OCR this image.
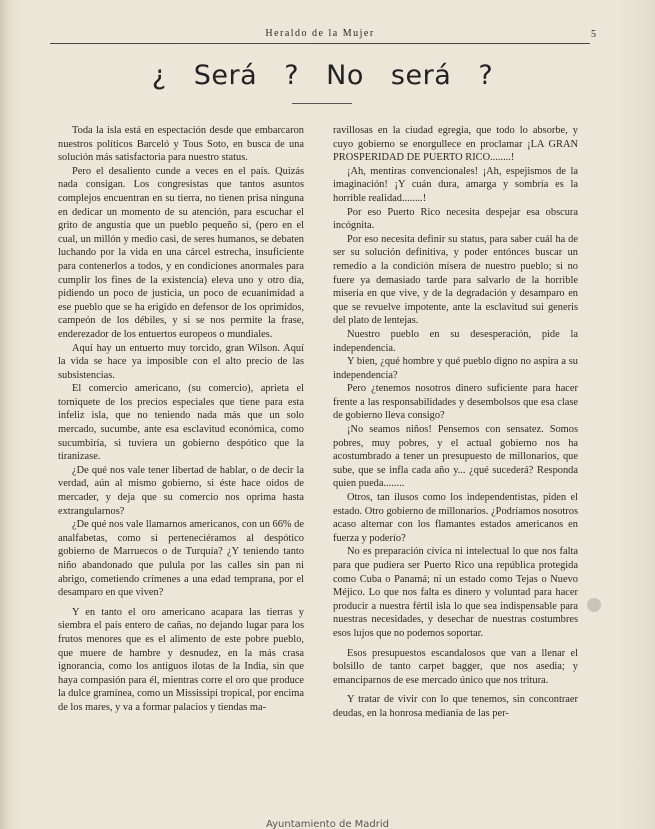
Heraldo de la Mujer	5
¿ Será ? No será ?

Toda la isla está en espectación desde que embarcaron nuestros políticos Barceló y Tous Soto, en busca de una solución más satisfactoria para nuestro status.

Pero el desaliento cunde a veces en el país. Quizás nada consigan. Los congresistas que tantos asuntos complejos encuentran en su tierra, no tienen prisa ninguna en dedicar un momento de su atención, para escuchar el grito de angustia que un pueblo pequeño sí, (pero en el cual, un millón y medio casi, de seres humanos, se debaten luchando por la vida en una cárcel estrecha, insuficiente para contenerlos a todos, y en condiciones anormales para cumplir los fines de la existencia) eleva uno y otro día, pidiendo un poco de justicia, un poco de ecuanimidad a ese pueblo que se ha erigido en defensor de los oprimidos, campeón de los débiles, y si se nos permite la frase, enderezador de los entuertos europeos o mundiales.

Aquí hay un entuerto muy torcido, gran Wilson. Aquí la vida se hace ya imposible con el alto precio de las subsistencias.

El comercio americano, (su comercio), aprieta el torniquete de los precios especiales que tiene para esta infeliz isla, que no teniendo nada más que un solo mercado, sucumbe, ante esa esclavitud económica, como sucumbiría, si tuviera un gobierno despótico que la tiranizase.

¿De qué nos vale tener libertad de hablar, o de decir la verdad, aún al mismo gobierno, si éste hace oídos de mercader, y deja que su comercio nos oprima hasta extrangularnos?

¿De qué nos vale llamarnos americanos, con un 66% de analfabetas, como si perteneciéramos al despótico gobierno de Marruecos o de Turquía? ¿Y teniendo tanto niño abandonado que pulula por las calles sin pan ni abrigo, cometiendo crímenes a una edad temprana, por el desamparo en que viven?

Y en tanto el oro americano acapara las tierras y siembra el país entero de cañas, no dejando lugar para los frutos menores que es el alimento de este pobre pueblo, que muere de hambre y desnudez, en la más crasa ignorancia, como los antiguos ilotas de la India, sin que haya compasión para él, mientras corre el oro que produce la dulce gramínea, como un Mississipi tropical, por encima de los mares, y va a formar palacios y tiendas ma-

ravillosas en la ciudad egregia, que todo lo absorbe, y cuyo gobierno se enorgullece en proclamar ¡LA GRAN PROSPERIDAD DE PUERTO RICO........!

¡Ah, mentiras convencionales! ¡Ah, espejismos de la imaginación! ¡Y cuán dura, amarga y sombría es la horrible realidad........!

Por eso Puerto Rico necesita despejar esa obscura incógnita.

Por eso necesita definir su status, para saber cuál ha de ser su solución definitiva, y poder entónces buscar un remedio a la condición mísera de nuestro pueblo; si no fuere ya demasiado tarde para salvarlo de la horrible miseria en que vive, y de la degradación y desamparo en que se revuelve impotente, ante la esclavitud sui generis del plato de lentejas.

Nuestro pueblo en su desesperación, pide la independencia.

Y bien, ¿qué hombre y qué pueblo digno no aspira a su independencia?

Pero ¿tenemos nosotros dinero suficiente para hacer frente a las responsabilidades y desembolsos que esa clase de gobierno lleva consigo?

¡No seamos niños! Pensemos con sensatez. Somos pobres, muy pobres, y el actual gobierno nos ha acostumbrado a tener un presupuesto de millonarios, que sube, que se infla cada año y... ¿qué sucederá? Responda quien pueda........

Otros, tan ilusos como los independentistas, piden el estado. Otro gobierno de millonarios. ¿Podríamos nosotros acaso alternar con los flamantes estados americanos en fuerza y poderío?

No es preparación cívica ni intelectual lo que nos falta para que pudiera ser Puerto Rico una república protegida como Cuba o Panamá; ni un estado como Tejas o Nuevo Méjico. Lo que nos falta es dinero y voluntad para hacer producir a nuestra fértil isla lo que sea indispensable para nuestras necesidades, y desechar de nuestras costumbres esos lujos que no podemos soportar.

Esos presupuestos escandalosos que van a llenar el bolsillo de tanto carpet bagger, que nos asedia; y emanciparnos de ese mercado único que nos tritura.

Y tratar de vivir con lo que tenemos, sin concontraer deudas, en la honrosa medianía de las per-

Ayuntamiento de Madrid
